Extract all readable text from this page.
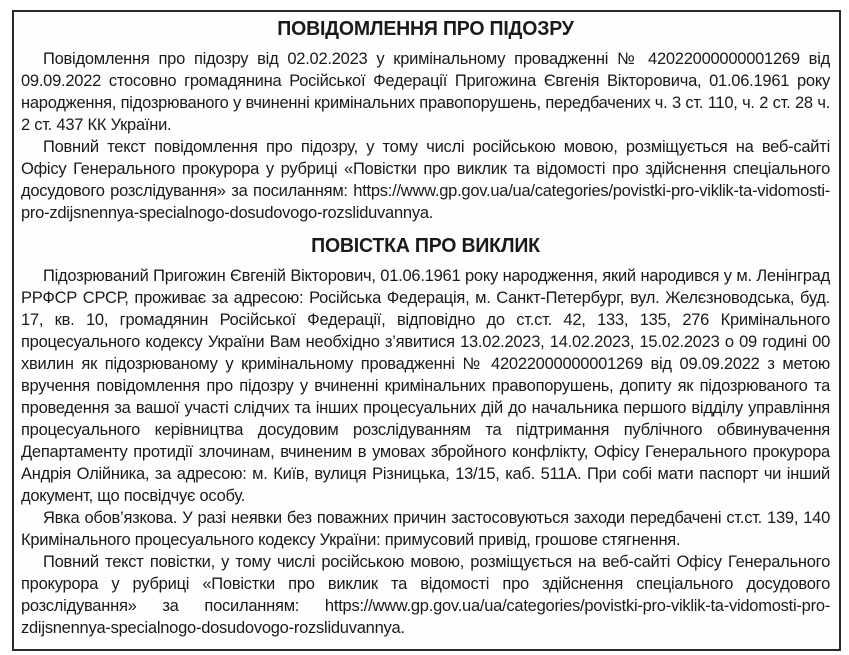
ПОВІДОМЛЕННЯ ПРО ПІДОЗРУ

Повідомлення про підозру від 02.02.2023 у кримінальному провадженні № 42022000000001269 від 09.09.2022 стосовно громадянина Російської Федерації Пригожина Євгенія Вікторовича, 01.06.1961 року народження, підозрюваного у вчиненні кримінальних правопорушень, передбачених ч. 3 ст. 110, ч. 2 ст. 28 ч. 2 ст. 437 КК України.

Повний текст повідомлення про підозру, у тому числі російською мовою, розміщується на веб-сайті Офісу Генерального прокурора у рубриці «Повістки про виклик та відомості про здійснення спеціального досудового розслідування» за посиланням: https://www.gp.gov.ua/ua/categories/povistki-pro-viklik-ta-vidomosti-pro-zdijsnennya-specialnogo-dosudovogo-rozsliduvannya.

ПОВІСТКА ПРО ВИКЛИК

Підозрюваний Пригожин Євгеній Вікторович, 01.06.1961 року народження, який народився у м. Ленінград РРФСР СРСР, проживає за адресою: Російська Федерація, м. Санкт-Петербург, вул. Желєзноводська, буд. 17, кв. 10, громадянин Російської Федерації, відповідно до ст.ст. 42, 133, 135, 276 Кримінального процесуального кодексу України Вам необхідно з’явитися 13.02.2023, 14.02.2023, 15.02.2023 о 09 годині 00 хвилин як підозрюваному у кримінальному провадженні № 42022000000001269 від 09.09.2022 з метою вручення повідомлення про підозру у вчиненні кримінальних правопорушень, допиту як підозрюваного та проведення за вашої участі слідчих та інших процесуальних дій до начальника першого відділу управління процесуального керівництва досудовим розслідуванням та підтримання публічного обвинувачення Департаменту протидії злочинам, вчиненим в умовах збройного конфлікту, Офісу Генерального прокурора Андрія Олійника, за адресою: м. Київ, вулиця Різницька, 13/15, каб. 511А. При собі мати паспорт чи інший документ, що посвідчує особу.

Явка обов’язкова. У разі неявки без поважних причин застосовуються заходи передбачені ст.ст. 139, 140 Кримінального процесуального кодексу України: примусовий привід, грошове стягнення.

Повний текст повістки, у тому числі російською мовою, розміщується на веб-сайті Офісу Генерального прокурора у рубриці «Повістки про виклик та відомості про здійснення спеціального досудового розслідування» за посиланням: https://www.gp.gov.ua/ua/categories/povistki-pro-viklik-ta-vidomosti-pro-zdijsnennya-specialnogo-dosudovogo-rozsliduvannya.
